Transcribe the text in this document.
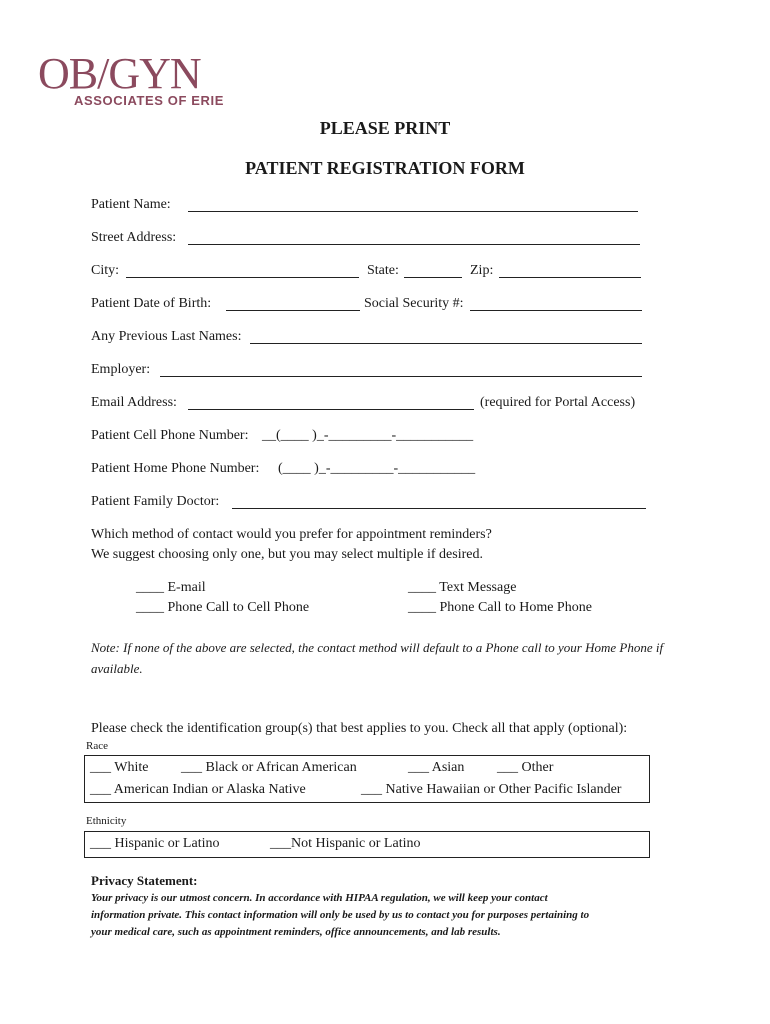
OB/GYN
ASSOCIATES OF ERIE
PLEASE PRINT
PATIENT REGISTRATION FORM
Patient Name:
Street Address:
City:	State:	Zip:
Patient Date of Birth:	Social Security #:
Any Previous Last Names:
Employer:
Email Address:	(required for Portal Access)
Patient Cell Phone Number: __(____ )_-_________-___________
Patient Home Phone Number: (____ )_-_________-___________
Patient Family Doctor:
Which method of contact would you prefer for appointment reminders?
We suggest choosing only one, but you may select multiple if desired.
____ E-mail	____ Text Message
____ Phone Call to Cell Phone	____ Phone Call to Home Phone
Note: If none of the above are selected, the contact method will default to a Phone call to your Home Phone if
available.
Please check the identification group(s) that best applies to you. Check all that apply (optional):
Race
___ White ___ Black or African American	___ Asian ___ Other
___ American Indian or Alaska Native	___ Native Hawaiian or Other Pacific Islander
Ethnicity
___ Hispanic or Latino	___Not Hispanic or Latino
Privacy Statement:
Your privacy is our utmost concern. In accordance with HIPAA regulation, we will keep your contact
information private. This contact information will only be used by us to contact you for purposes pertaining to
your medical care, such as appointment reminders, office announcements, and lab results.
